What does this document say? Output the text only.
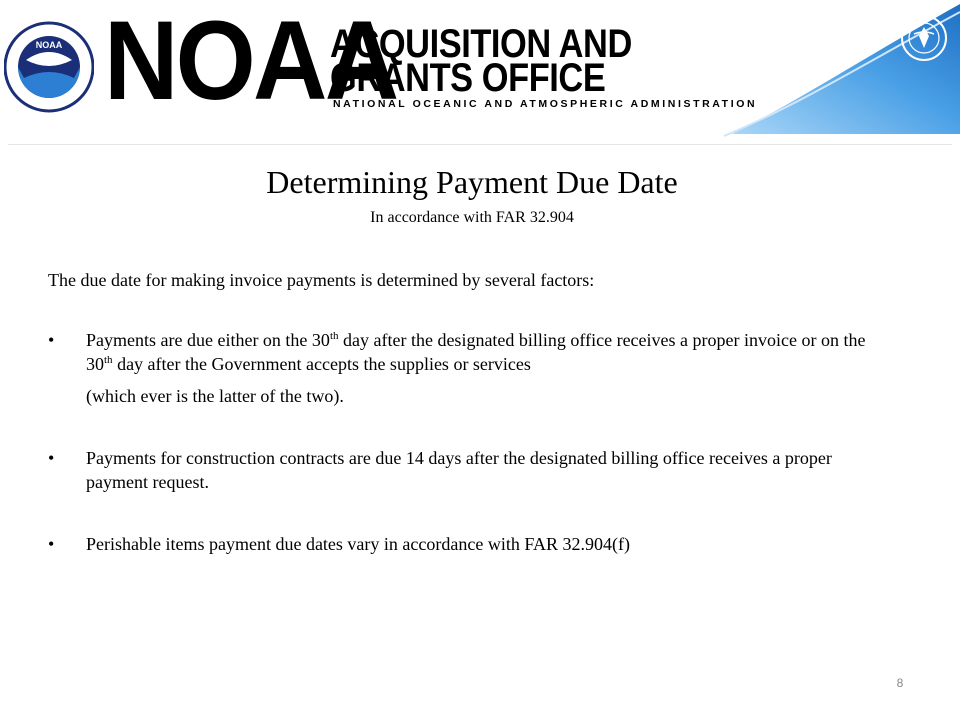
NOAA NOAA
ACQUISITION AND
GRANTS OFFICE
NATIONAL OCEANIC AND ATMOSPHERIC ADMINISTRATION
Determining Payment Due Date
In accordance with FAR 32.904
The due date for making invoice payments is determined by several factors:
•	Payments are due either on the 30th day after the designated billing office receives a proper invoice or on the 30th day after the Government accepts the supplies or services
(which ever is the latter of the two).
•	Payments for construction contracts are due 14 days after the designated billing office receives a proper payment request.
•	Perishable items payment due dates vary in accordance with FAR 32.904(f)
8
